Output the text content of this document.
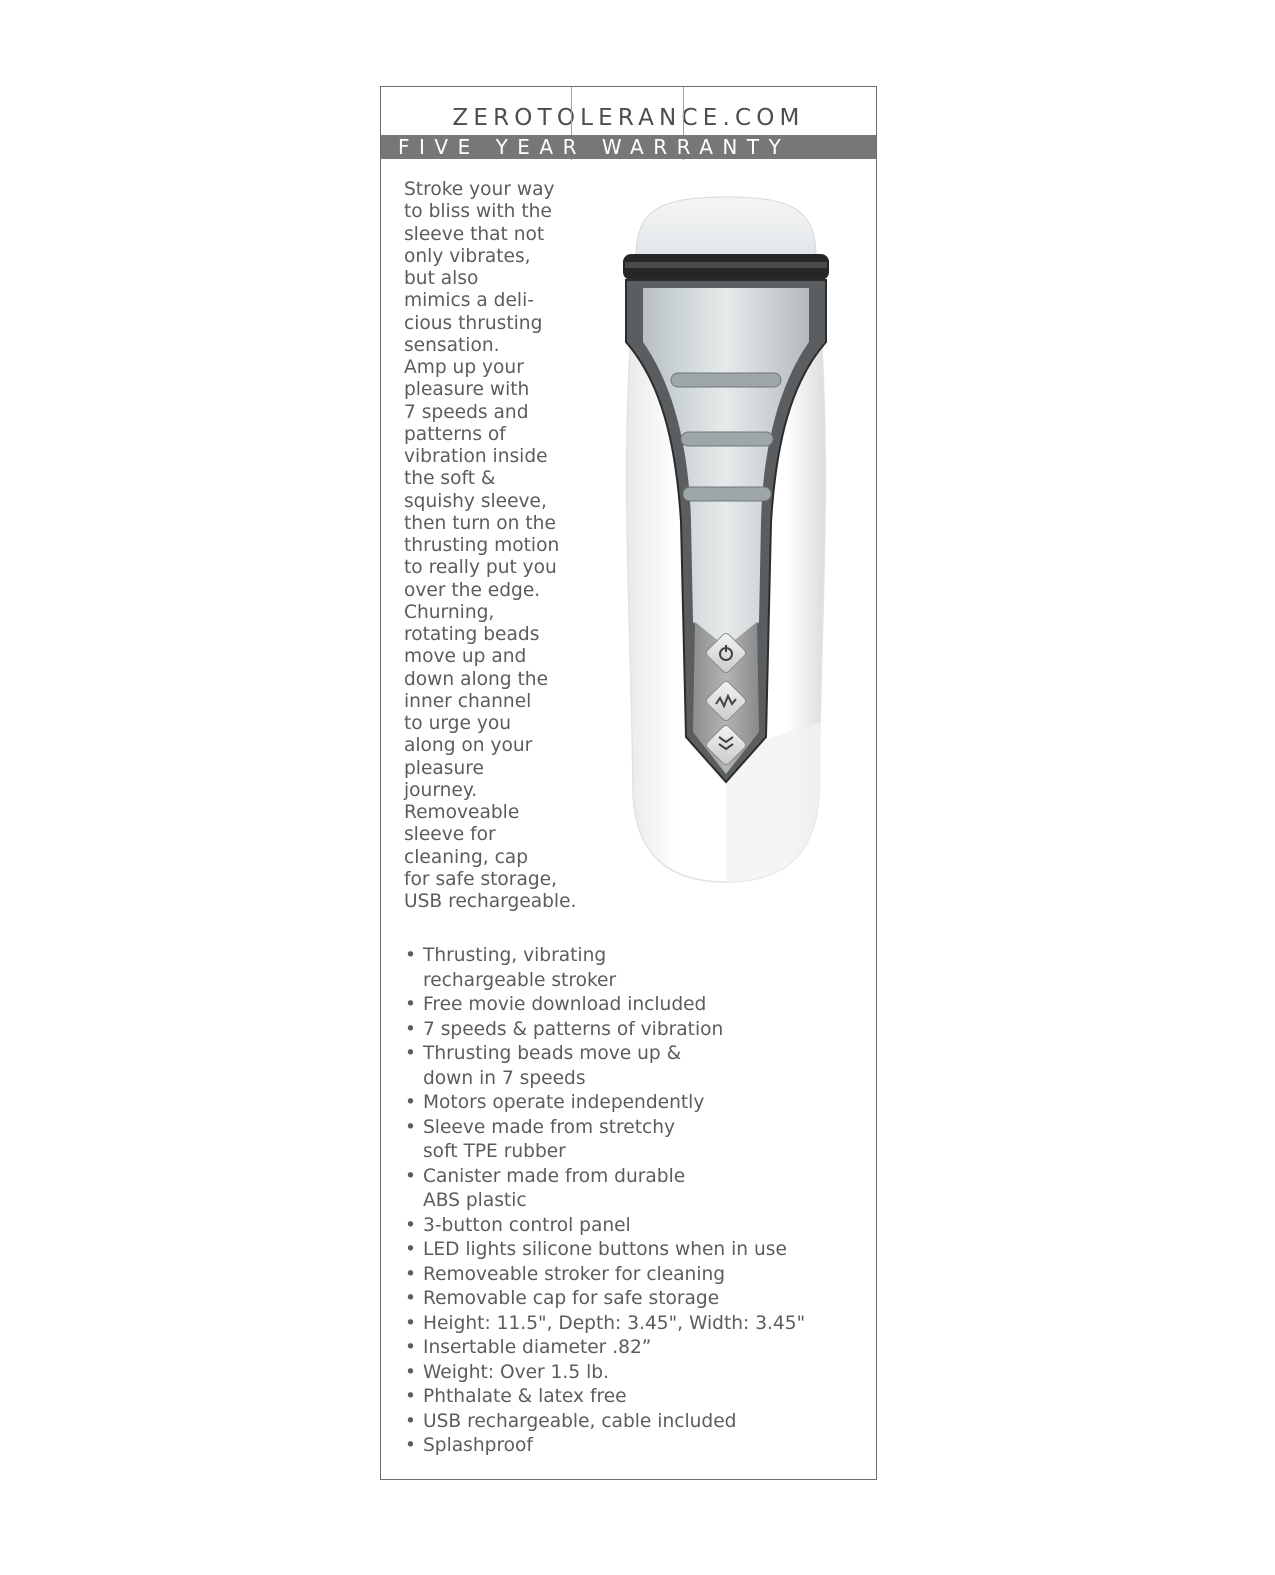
ZEROTOLERANCE.COM
FIVE YEAR WARRANTY
Stroke your way
to bliss with the
sleeve that not
only vibrates,
but also
mimics a deli-
cious thrusting
sensation.
Amp up your
pleasure with
7 speeds and
patterns of
vibration inside
the soft &
squishy sleeve,
then turn on the
thrusting motion
to really put you
over the edge.
Churning,
rotating beads
move up and
down along the
inner channel
to urge you
along on your
pleasure
journey.
Removeable
sleeve for
cleaning, cap
for safe storage,
USB rechargeable.
• Thrusting, vibrating
rechargeable stroker
• Free movie download included
• 7 speeds & patterns of vibration
• Thrusting beads move up &
down in 7 speeds
• Motors operate independently
• Sleeve made from stretchy
soft TPE rubber
• Canister made from durable
ABS plastic
• 3-button control panel
• LED lights silicone buttons when in use
• Removeable stroker for cleaning
• Removable cap for safe storage
• Height: 11.5", Depth: 3.45", Width: 3.45"
• Insertable diameter .82”
• Weight: Over 1.5 lb.
• Phthalate & latex free
• USB rechargeable, cable included
• Splashproof
